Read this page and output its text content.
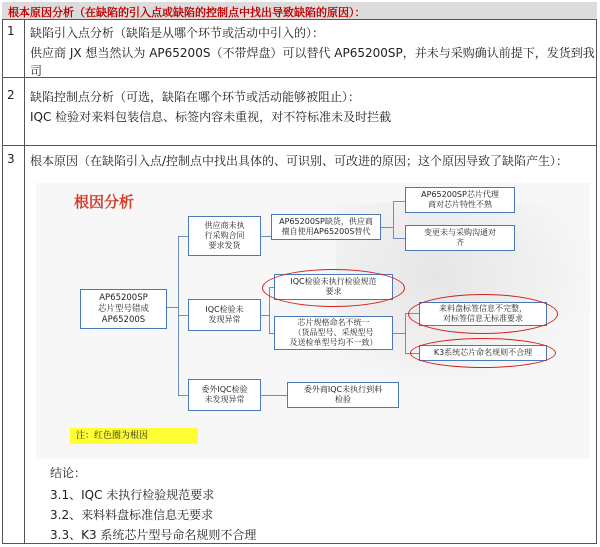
根本原因分析（在缺陷的引入点或缺陷的控制点中找出导致缺陷的原因）：
1 缺陷引入点分析（缺陷是从哪个环节或活动中引入的）：
供应商 JX 想当然认为 AP65200S（不带焊盘）可以替代 AP65200SP，并未与采购确认前提下，发货到我
司
2 缺陷控制点分析（可选，缺陷在哪个环节或活动能够被阻止）：
IQC 检验对来料包装信息、标签内容未重视，对不符标准未及时拦截
3 根本原因（在缺陷引入点/控制点中找出具体的、可识别、可改进的原因；这个原因导致了缺陷产生）：
根因分析
AP65200SP
芯片型号错成
AP65200S
供应商未执
行采购合同
要求发货
IQC检验未
发现异常
委外IQC检验
未发现异常
AP65200SP缺货，供应商
擅自使用AP65200S替代
AP65200SP芯片代理
商对芯片特性不熟
变更未与采购沟通对
齐
IQC检验未执行检验规范
要求
芯片规格命名不统一
（货品型号、采规型号
及送检单型号均不一致）
来料盘标签信息不完整，
对标签信息无标准要求
K3系统芯片命名规则不合理
委外商IQC未执行到料
检验
注：红色圈为根因
结论：
3.1、IQC 未执行检验规范要求
3.2、来料料盘标准信息无要求
3.3、K3 系统芯片型号命名规则不合理
